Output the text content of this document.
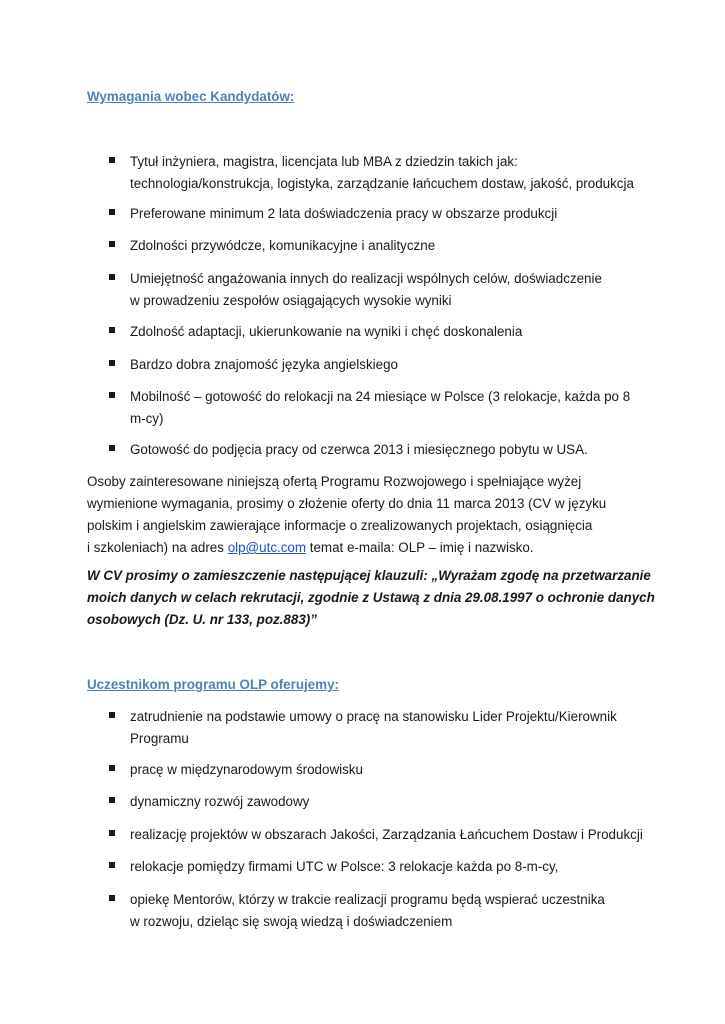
Wymagania wobec Kandydatów:
Tytuł inżyniera, magistra, licencjata lub MBA z dziedzin takich jak:
technologia/konstrukcja, logistyka, zarządzanie łańcuchem dostaw, jakość, produkcja
Preferowane minimum 2 lata doświadczenia pracy w obszarze produkcji
Zdolności przywódcze, komunikacyjne i analityczne
Umiejętność angażowania innych do realizacji wspólnych celów, doświadczenie
w prowadzeniu zespołów osiągających wysokie wyniki
Zdolność adaptacji, ukierunkowanie na wyniki i chęć doskonalenia
Bardzo dobra znajomość języka angielskiego
Mobilność – gotowość do relokacji na 24 miesiące w Polsce (3 relokacje, każda po 8
m-cy)
Gotowość do podjęcia pracy od czerwca 2013 i miesięcznego pobytu w USA.
Osoby zainteresowane niniejszą ofertą Programu Rozwojowego i spełniające wyżej
wymienione wymagania, prosimy o złożenie oferty do dnia 11 marca 2013 (CV w języku
polskim i angielskim zawierające informacje o zrealizowanych projektach, osiągnięcia
i szkoleniach) na adres olp@utc.com temat e-maila: OLP – imię i nazwisko.
W CV prosimy o zamieszczenie następującej klauzuli: „Wyrażam zgodę na przetwarzanie
moich danych w celach rekrutacji, zgodnie z Ustawą z dnia 29.08.1997 o ochronie danych
osobowych (Dz. U. nr 133, poz.883)”
Uczestnikom programu OLP oferujemy:
zatrudnienie na podstawie umowy o pracę na stanowisku Lider Projektu/Kierownik
Programu
pracę w międzynarodowym środowisku
dynamiczny rozwój zawodowy
realizację projektów w obszarach Jakości, Zarządzania Łańcuchem Dostaw i Produkcji
relokacje pomiędzy firmami UTC w Polsce: 3 relokacje każda po 8-m-cy,
opiekę Mentorów, którzy w trakcie realizacji programu będą wspierać uczestnika
w rozwoju, dzieląc się swoją wiedzą i doświadczeniem
